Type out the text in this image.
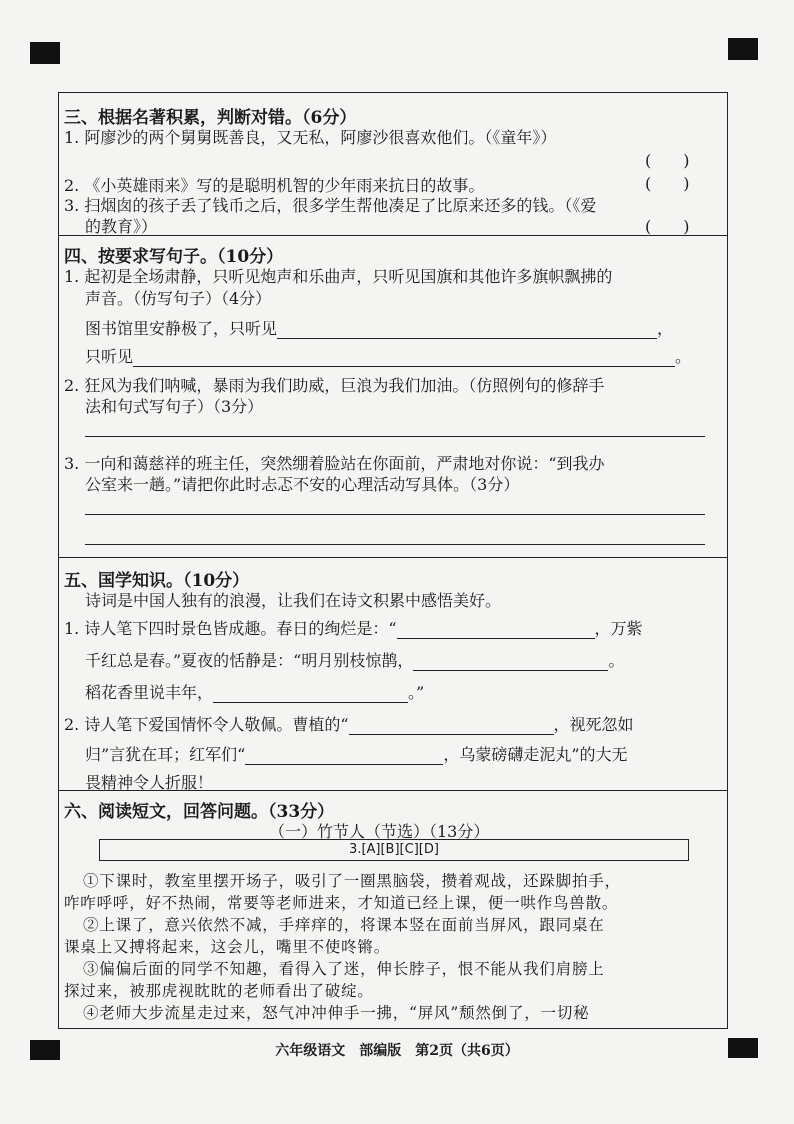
三、根据名著积累，判断对错。（6分）
1. 阿廖沙的两个舅舅既善良，又无私，阿廖沙很喜欢他们。（《童年》）
(　　)
2. 《小英雄雨来》写的是聪明机智的少年雨来抗日的故事。	(　　)
3. 扫烟囱的孩子丢了钱币之后，很多学生帮他凑足了比原来还多的钱。（《爱
的教育》）	(　　)
四、按要求写句子。（10分）
1. 起初是全场肃静，只听见炮声和乐曲声，只听见国旗和其他许多旗帜飘拂的
声音。（仿写句子）（4分）
图书馆里安静极了，只听见	，
只听见	。
2. 狂风为我们呐喊，暴雨为我们助威，巨浪为我们加油。（仿照例句的修辞手
法和句式写句子）（3分）
3. 一向和蔼慈祥的班主任，突然绷着脸站在你面前，严肃地对你说：“到我办
公室来一趟。”请把你此时忐忑不安的心理活动写具体。（3分）
五、国学知识。（10分）
诗词是中国人独有的浪漫，让我们在诗文积累中感悟美好。
1. 诗人笔下四时景色皆成趣。春日的绚烂是：“	，万紫
千红总是春。”夏夜的恬静是：“明月别枝惊鹊，	。
稻花香里说丰年，	。”
2. 诗人笔下爱国情怀令人敬佩。曹植的“	，视死忽如
归”言犹在耳；红军们“	，乌蒙磅礴走泥丸”的大无
畏精神令人折服！
六、阅读短文，回答问题。（33分）
（一）竹节人（节选）（13分）
3.[A][B][C][D]
①下课时，教室里摆开场子，吸引了一圈黑脑袋，攒着观战，还跺脚拍手，
咋咋呼呼，好不热闹，常要等老师进来，才知道已经上课，便一哄作鸟兽散。
②上课了，意兴依然不减，手痒痒的，将课本竖在面前当屏风，跟同桌在
课桌上又搏将起来，这会儿，嘴里不使咚锵。
③偏偏后面的同学不知趣，看得入了迷，伸长脖子，恨不能从我们肩膀上
探过来，被那虎视眈眈的老师看出了破绽。
④老师大步流星走过来，怒气冲冲伸手一拂，“屏风”颓然倒了，一切秘
六年级语文　部编版　第2页（共6页）
